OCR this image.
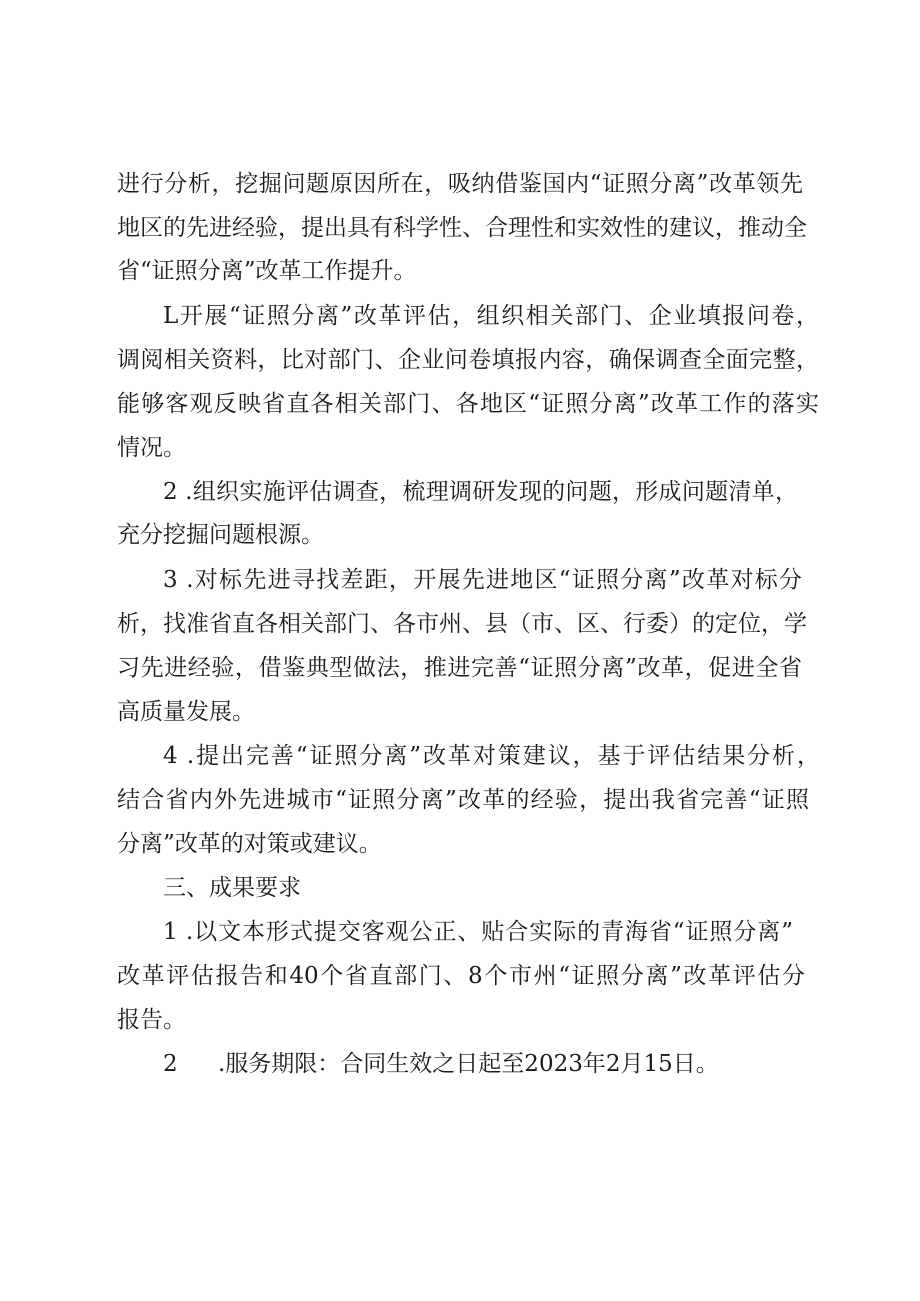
进行分析，挖掘问题原因所在，吸纳借鉴国内“证照分离”改革领先
地区的先进经验，提出具有科学性、合理性和实效性的建议，推动全
省“证照分离”改革工作提升。
L开展“证照分离”改革评估，组织相关部门、企业填报问卷，
调阅相关资料，比对部门、企业问卷填报内容，确保调查全面完整，
能够客观反映省直各相关部门、各地区“证照分离”改革工作的落实
情况。
2 .组织实施评估调查，梳理调研发现的问题，形成问题清单，
充分挖掘问题根源。
3 .对标先进寻找差距，开展先进地区“证照分离”改革对标分
析，找准省直各相关部门、各市州、县（市、区、行委）的定位，学
习先进经验，借鉴典型做法，推进完善“证照分离”改革，促进全省
高质量发展。
4 .提出完善“证照分离”改革对策建议，基于评估结果分析，
结合省内外先进城市“证照分离”改革的经验，提出我省完善“证照
分离”改革的对策或建议。
三、成果要求
1 .以文本形式提交客观公正、贴合实际的青海省“证照分离”
改革评估报告和40个省直部门、8个市州“证照分离”改革评估分
报告。
2 .服务期限：合同生效之日起至2023年2月15日。
